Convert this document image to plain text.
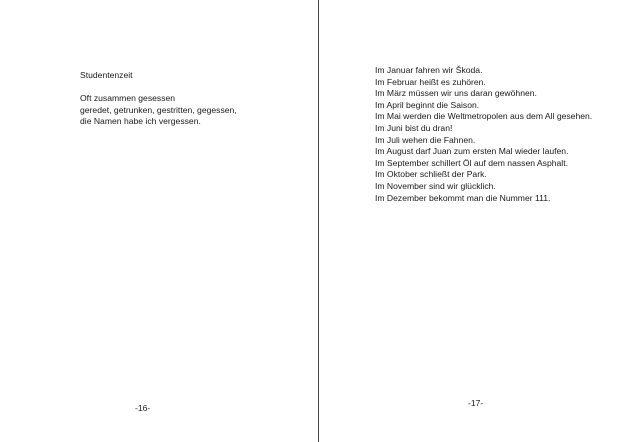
Studentenzeit
Oft zusammen gesessen
geredet, getrunken, gestritten, gegessen,
die Namen habe ich vergessen.
-16-
Im Januar fahren wir Škoda.
Im Februar heißt es zuhören.
Im März müssen wir uns daran gewöhnen.
Im April beginnt die Saison.
Im Mai werden die Weltmetropolen aus dem All gesehen.
Im Juni bist du dran!
Im Juli wehen die Fahnen.
Im August darf Juan zum ersten Mal wieder laufen.
Im September schillert Öl auf dem nassen Asphalt.
Im Oktober schließt der Park.
Im November sind wir glücklich.
Im Dezember bekommt man die Nummer 111.
-17-
